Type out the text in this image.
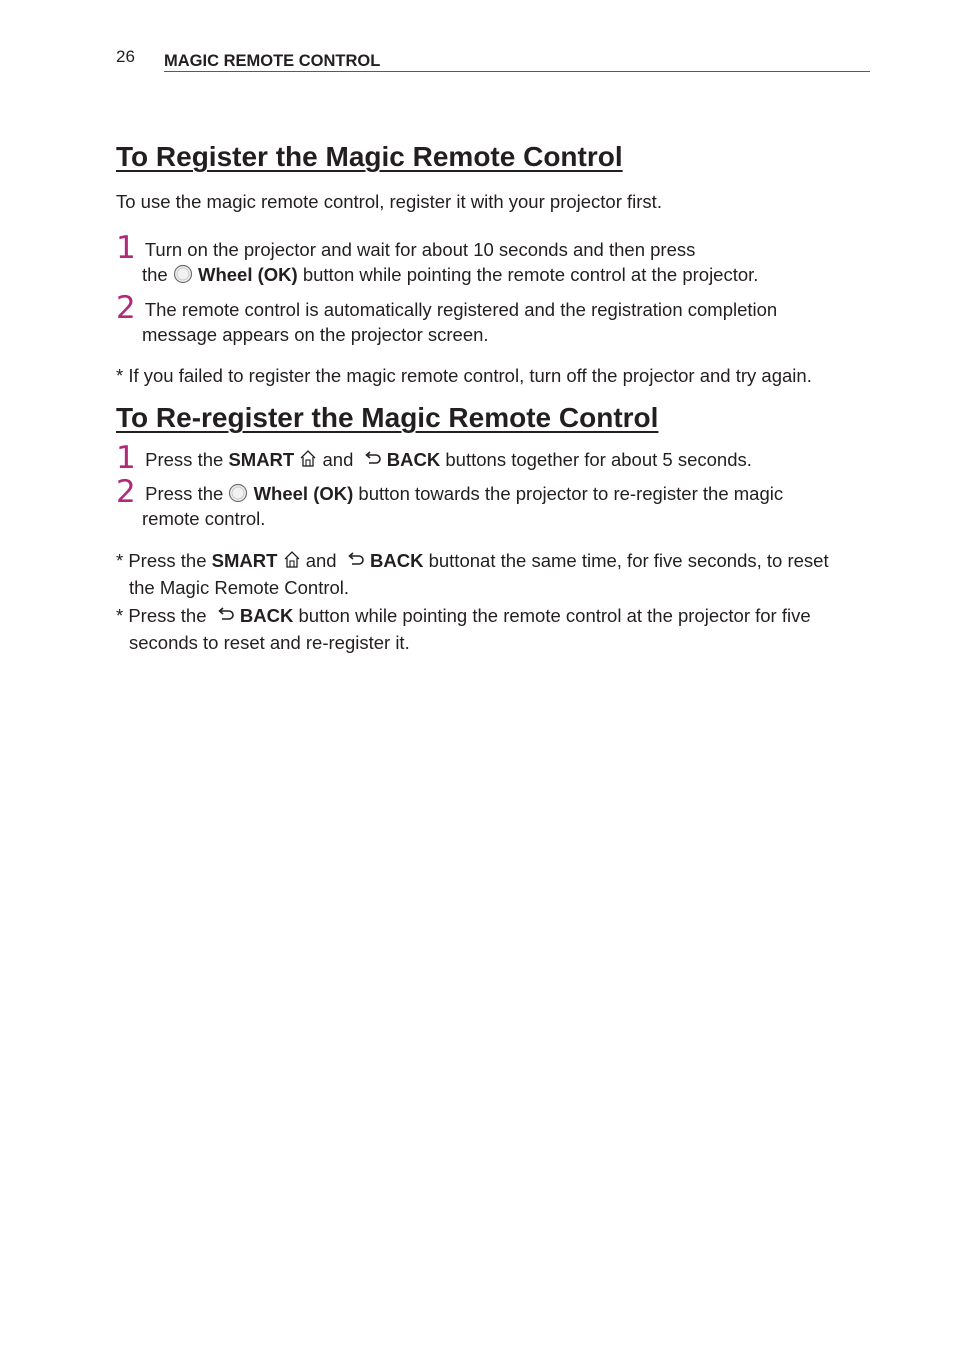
26 MAGIC REMOTE CONTROL
To Register the Magic Remote Control
To use the magic remote control, register it with your projector first.
1 Turn on the projector and wait for about 10 seconds and then press
the Wheel (OK) button while pointing the remote control at the projector.
2 The remote control is automatically registered and the registration completion
message appears on the projector screen.
* If you failed to register the magic remote control, turn off the projector and try again.
To Re-register the Magic Remote Control
1 Press the SMART and BACK buttons together for about 5 seconds.
2 Press the Wheel (OK) button towards the projector to re-register the magic
remote control.
* Press the SMART and BACK buttonat the same time, for five seconds, to reset
the Magic Remote Control.
* Press the BACK button while pointing the remote control at the projector for five
seconds to reset and re-register it.
